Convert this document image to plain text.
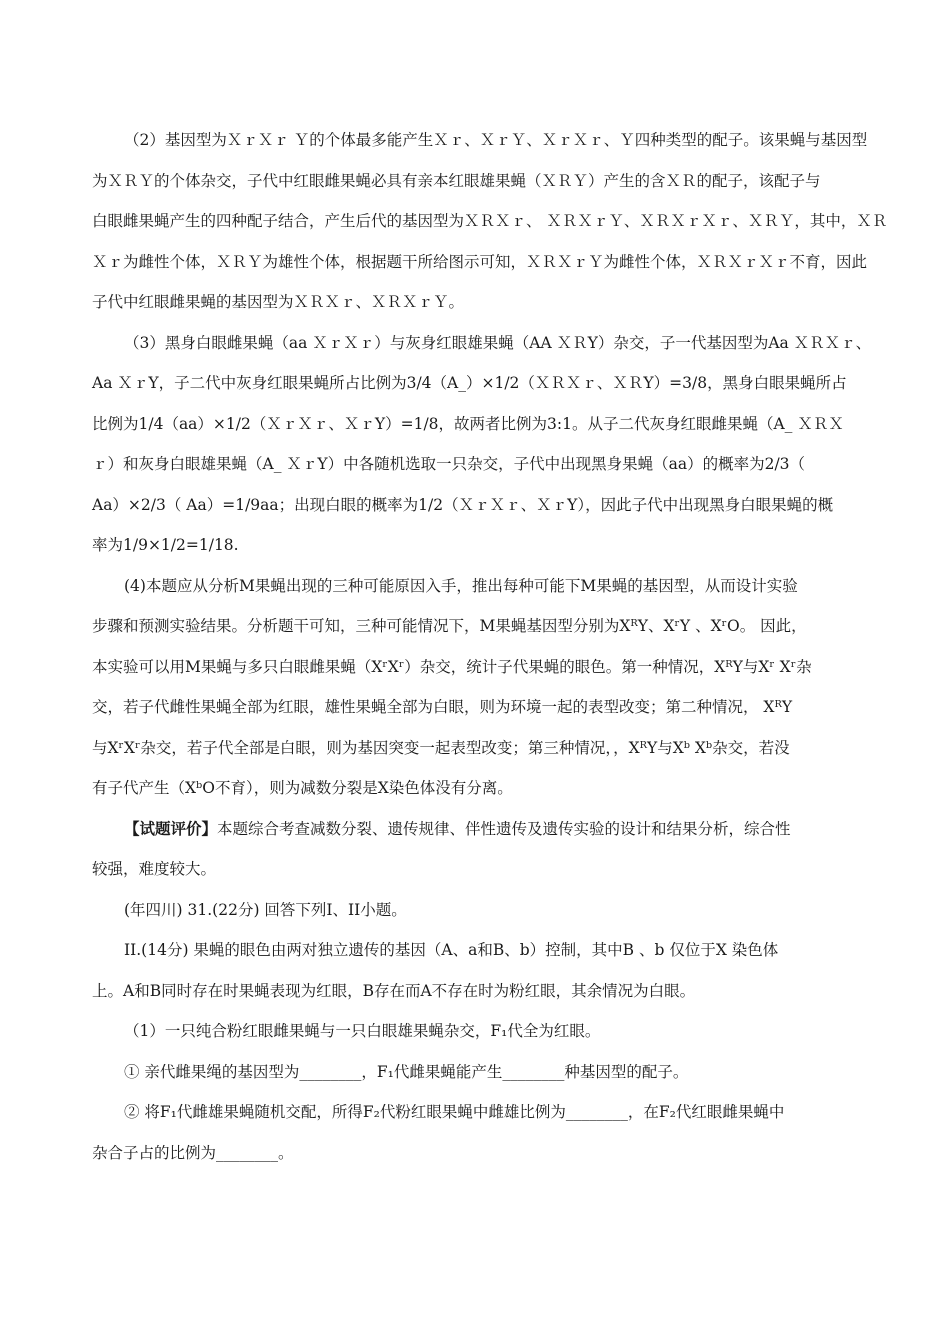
（2）基因型为ＸｒＸｒ Ｙ的个体最多能产生Ｘｒ、ＸｒＹ、ＸｒＸｒ、Ｙ四种类型的配子。该果蝇与基因型
为ＸＲＹ的个体杂交，子代中红眼雌果蝇必具有亲本红眼雄果蝇（ＸＲＹ）产生的含ＸＲ的配子，该配子与
白眼雌果蝇产生的四种配子结合，产生后代的基因型为ＸＲＸｒ、 ＸＲＸｒＹ、ＸＲＸｒＸｒ、ＸＲＹ，其中，ＸＲ
Ｘｒ为雌性个体，ＸＲＹ为雄性个体，根据题干所给图示可知，ＸＲＸｒＹ为雌性个体，ＸＲＸｒＸｒ不育，因此
子代中红眼雌果蝇的基因型为ＸＲＸｒ、ＸＲＸｒＹ。

（3）黑身白眼雌果蝇（aa ＸｒＸｒ）与灰身红眼雄果蝇（AA ＸＲY）杂交，子一代基因型为Aa ＸＲＸｒ、
Aa ＸｒY，子二代中灰身红眼果蝇所占比例为3/4（A_）×1/2（ＸＲＸｒ、ＸＲY）=3/8，黑身白眼果蝇所占
比例为1/4（aa）×1/2（ＸｒＸｒ、ＸｒY）=1/8，故两者比例为3:1。从子二代灰身红眼雌果蝇（A_ ＸＲＸ
ｒ）和灰身白眼雄果蝇（A_ ＸｒY）中各随机选取一只杂交，子代中出现黑身果蝇（aa）的概率为2/3（
Aa）×2/3（ Aa）=1/9aa；出现白眼的概率为1/2（ＸｒＸｒ、ＸｒY），因此子代中出现黑身白眼果蝇的概
率为1/9×1/2=1/18.

(4)本题应从分析M果蝇出现的三种可能原因入手，推出每种可能下M果蝇的基因型，从而设计实验
步骤和预测实验结果。分析题干可知，三种可能情况下，M果蝇基因型分别为XᴿY、XʳY 、XʳO。 因此，
本实验可以用M果蝇与多只白眼雌果蝇（XʳXʳ）杂交，统计子代果蝇的眼色。第一种情况，XᴿY与Xʳ Xʳ杂
交，若子代雌性果蝇全部为红眼，雄性果蝇全部为白眼，则为环境一起的表型改变；第二种情况， XᴿY
与XʳXʳ杂交，若子代全部是白眼，则为基因突变一起表型改变；第三种情况，，XᴿY与Xᵇ Xᵇ杂交，若没
有子代产生（XᵇO不育），则为减数分裂是X染色体没有分离。

【试题评价】本题综合考查减数分裂、遗传规律、伴性遗传及遗传实验的设计和结果分析，综合性
较强，难度较大。

(年四川) 31.(22分) 回答下列I、II小题。

II.(14分) 果蝇的眼色由两对独立遗传的基因（A、a和B、b）控制，其中B 、b 仅位于X 染色体
上。A和B同时存在时果蝇表现为红眼，B存在而A不存在时为粉红眼，其余情况为白眼。

（1）一只纯合粉红眼雌果蝇与一只白眼雄果蝇杂交，F₁代全为红眼。

① 亲代雌果绳的基因型为________，F₁代雌果蝇能产生________种基因型的配子。

② 将F₁代雌雄果蝇随机交配，所得F₂代粉红眼果蝇中雌雄比例为________，在F₂代红眼雌果蝇中
杂合子占的比例为________。
